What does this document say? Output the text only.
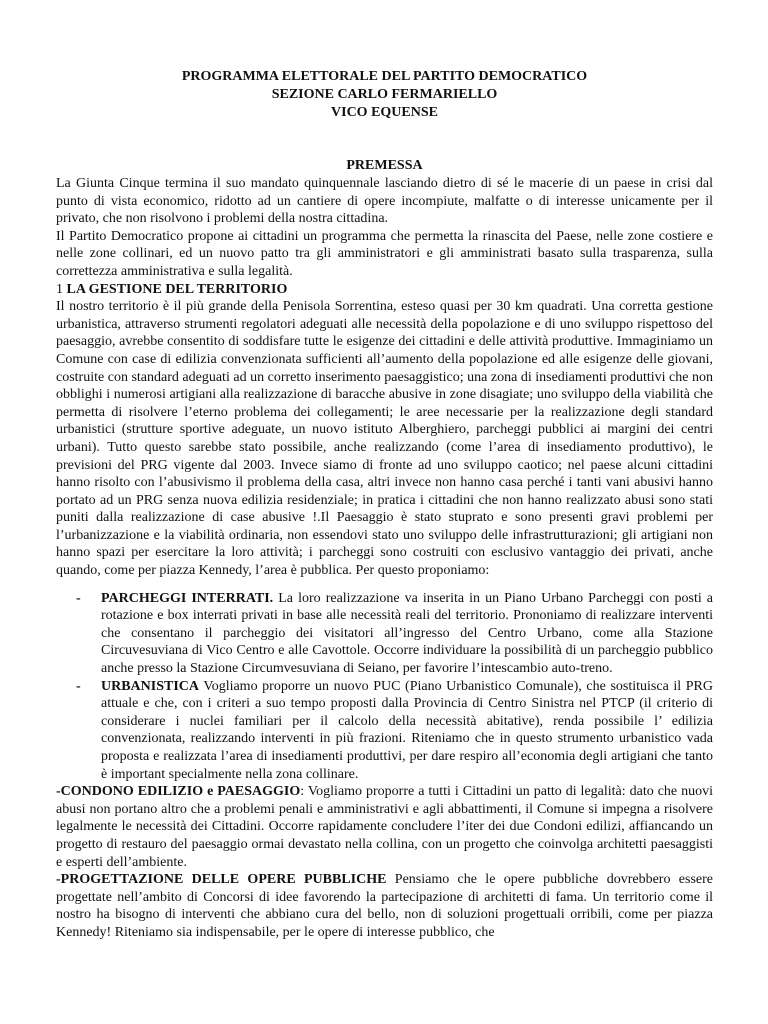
PROGRAMMA ELETTORALE DEL PARTITO DEMOCRATICO
SEZIONE CARLO FERMARIELLO
VICO EQUENSE
PREMESSA

La Giunta Cinque termina il suo mandato quinquennale lasciando dietro di sé le macerie di un paese in crisi dal punto di vista economico, ridotto ad un cantiere di opere incompiute, malfatte o di interesse unicamente per il privato, che non risolvono i problemi della nostra cittadina.

Il Partito Democratico propone ai cittadini un programma che permetta la rinascita del Paese, nelle zone costiere e nelle zone collinari, ed un nuovo patto tra gli amministratori e gli amministrati basato sulla trasparenza, sulla correttezza amministrativa e sulla legalità.

1 LA GESTIONE DEL TERRITORIO

Il nostro territorio è il più grande della Penisola Sorrentina, esteso quasi per 30 km quadrati. Una corretta gestione urbanistica, attraverso strumenti regolatori adeguati alle necessità della popolazione e di uno sviluppo rispettoso del paesaggio, avrebbe consentito di soddisfare tutte le esigenze dei cittadini e delle attività produttive. Immaginiamo un Comune con case di edilizia convenzionata sufficienti all’aumento della popolazione ed alle esigenze delle giovani, costruite con standard adeguati ad un corretto inserimento paesaggistico; una zona di insediamenti produttivi che non obblighi i numerosi artigiani alla realizzazione di baracche abusive in zone disagiate; uno sviluppo della viabilità che permetta di risolvere l’eterno problema dei collegamenti; le aree necessarie per la realizzazione degli standard urbanistici (strutture sportive adeguate, un nuovo istituto Alberghiero, parcheggi pubblici ai margini dei centri urbani). Tutto questo sarebbe stato possibile, anche realizzando (come l’area di insediamento produttivo), le previsioni del PRG vigente dal 2003. Invece siamo di fronte ad uno sviluppo caotico; nel paese alcuni cittadini hanno risolto con l’abusivismo il problema della casa, altri invece non hanno casa perché i tanti vani abusivi hanno portato ad un PRG senza nuova edilizia residenziale; in pratica i cittadini che non hanno realizzato abusi sono stati puniti dalla realizzazione di case abusive !.Il Paesaggio è stato stuprato e sono presenti gravi problemi per l’urbanizzazione e la viabilità ordinaria, non essendovi stato uno sviluppo delle infrastrutturazioni; gli artigiani non hanno spazi per esercitare la loro attività; i parcheggi sono costruiti con esclusivo vantaggio dei privati, anche quando, come per piazza Kennedy, l’area è pubblica. Per questo proponiamo:

- PARCHEGGI INTERRATI. La loro realizzazione va inserita in un Piano Urbano Parcheggi con posti a rotazione e box interrati privati in base alle necessità reali del territorio. Prononiamo di realizzare interventi che consentano il parcheggio dei visitatori all’ingresso del Centro Urbano, come alla Stazione Circuvesuviana di Vico Centro e alle Cavottole. Occorre individuare la possibilità di un parcheggio pubblico anche presso la Stazione Circumvesuviana di Seiano, per favorire l’intescambio auto-treno.
- URBANISTICA Vogliamo proporre un nuovo PUC (Piano Urbanistico Comunale), che sostituisca il PRG attuale e che, con i criteri a suo tempo proposti dalla Provincia di Centro Sinistra nel PTCP (il criterio di considerare i nuclei familiari per il calcolo della necessità abitative), renda possibile l’ edilizia convenzionata, realizzando interventi in più frazioni. Riteniamo che in questo strumento urbanistico vada proposta e realizzata l’area di insediamenti produttivi, per dare respiro all’economia degli artigiani che tanto è important specialmente nella zona collinare.

-CONDONO EDILIZIO e PAESAGGIO: Vogliamo proporre a tutti i Cittadini un patto di legalità: dato che nuovi abusi non portano altro che a problemi penali e amministrativi e agli abbattimenti, il Comune si impegna a risolvere legalmente le necessità dei Cittadini. Occorre rapidamente concludere l’iter dei due Condoni edilizi, affiancando un progetto di restauro del paesaggio ormai devastato nella collina, con un progetto che coinvolga architetti paesaggisti e esperti dell’ambiente.

-PROGETTAZIONE DELLE OPERE PUBBLICHE Pensiamo che le opere pubbliche dovrebbero essere progettate nell’ambito di Concorsi di idee favorendo la partecipazione di architetti di fama. Un territorio come il nostro ha bisogno di interventi che abbiano cura del bello, non di soluzioni progettuali orribili, come per piazza Kennedy! Riteniamo sia indispensabile, per le opere di interesse pubblico, che
